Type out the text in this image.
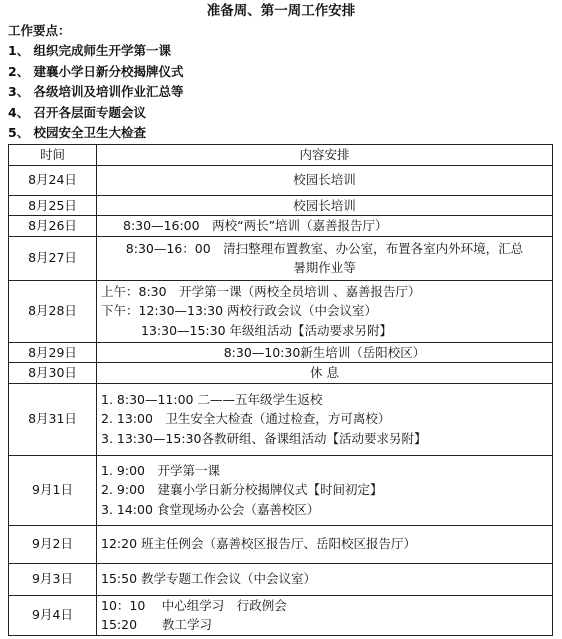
准备周、第一周工作安排
工作要点：
1、 组织完成师生开学第一课
2、 建襄小学日新分校揭牌仪式
3、 各级培训及培训作业汇总等
4、 召开各层面专题会议
5、 校园安全卫生大检查
时间	内容安排
8月24日	校园长培训

8月25日	校园长培训

8月26日	8:30—16:00　两校“两长”培训（嘉善报告厅）

8月27日	8:30—16：00　清扫整理布置教室、办公室，布置各室内外环境，汇总
暑期作业等

8月28日	上午：8:30　开学第一课（两校全员培训 、嘉善报告厅）
下午：12:30—13:30 两校行政会议（中会议室）
13:30—15:30 年级组活动【活动要求另附】

8月29日	8:30—10:30新生培训（岳阳校区）

8月30日	休 息

8月31日	1. 8:30—11:00 二——五年级学生返校
2. 13:00　卫生安全大检查（通过检查，方可离校）
3. 13:30—15:30各教研组、备课组活动【活动要求另附】

9月1日	1. 9:00　开学第一课
2. 9:00　建襄小学日新分校揭牌仪式【时间初定】
3. 14:00 食堂现场办公会（嘉善校区）

9月2日	12:20 班主任例会（嘉善校区报告厅、岳阳校区报告厅）

9月3日	15:50 教学专题工作会议（中会议室）

9月4日	10：10　 中心组学习　行政例会
15:20　　教工学习
